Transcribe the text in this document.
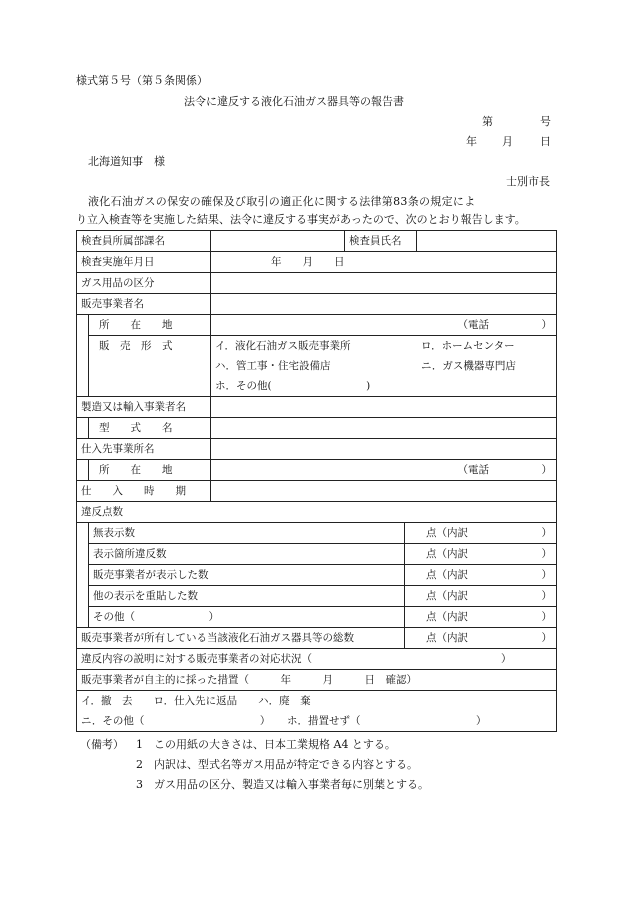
様式第５号（第５条関係）
法令に違反する液化石油ガス器具等の報告書
第	号
年 月 日
北海道知事　様
士別市長
液化石油ガスの保安の確保及び取引の適正化に関する法律第83条の規定によ
り立入検査等を実施した結果、法令に違反する事実があったので、次のとおり報告します。
検査員所属部課名			検査員氏名		
検査実施年月日		年　　月　　日			
ガス用品の区分					
販売事業者名					
	所　　在　　地	（電話　　　　　）			
	販　売　形　式	イ．液化石油ガス販売事業所 ロ．ホームセンター
ハ．管工事・住宅設備店 ニ．ガス機器専門店
ホ．その他(　　　　　　　　　)			

製造又は輸入事業者名					
	型　　式　　名				
仕入先事業所名					
	所　　在　　地	（電話　　　　　）			
仕　　入　　時　　期					
違反点数					
	無表示数			点（内訳　　　　　　　）	
	表示箇所違反数			点（内訳　　　　　　　）	
	販売事業者が表示した数			点（内訳　　　　　　　）	
	他の表示を重貼した数			点（内訳　　　　　　　）	
	その他（　　　　　　　）			点（内訳　　　　　　　）	
販売事業者が所有している当該液化石油ガス器具等の総数				点（内訳　　　　　　　）	
違反内容の説明に対する販売事業者の対応状況（　　　　　　　　　　　　　　　　　　）					
販売事業者が自主的に採った措置（　　　年　　　月　　　日　確認）					

イ．撤　去　　ロ．仕入先に返品　　ハ．廃　棄
ニ．その他（　　　　　　　　　　　） ホ．措置せず（　　　　　　　　　　　）					
（備考） 1　この用紙の大きさは、日本工業規格 A4 とする。
2　内訳は、型式名等ガス用品が特定できる内容とする。
3　ガス用品の区分、製造又は輸入事業者毎に別葉とする。
